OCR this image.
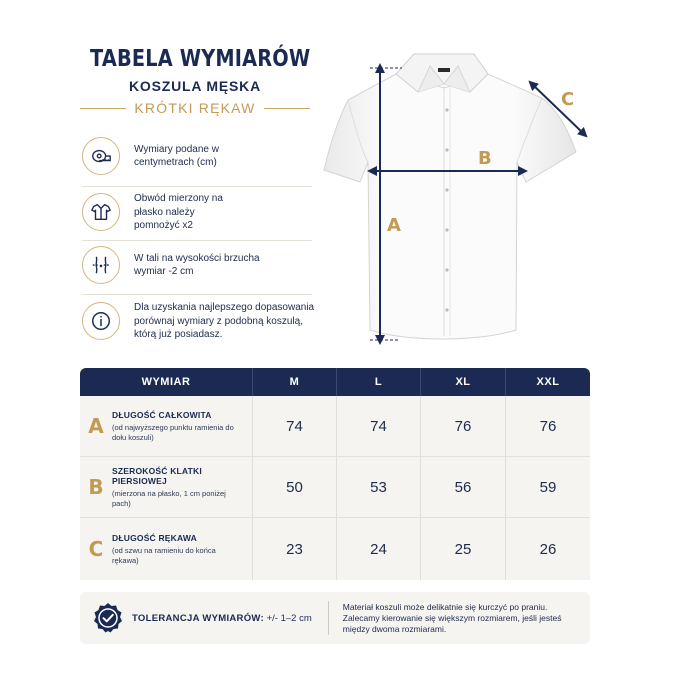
TABELA WYMIARÓW
KOSZULA MĘSKA
KRÓTKI RĘKAW
Wymiary podane w centymetrach (cm)
Obwód mierzony na płasko należy pomnożyć x2
W tali na wysokości brzucha wymiar -2 cm
Dla uzyskania najlepszego dopasowania porównaj wymiary z podobną koszulą, którą już posiadasz.
A
B
C
WYMIAR	M	L	XL	XXL
A DŁUGOŚĆ CAŁKOWITA
(od najwyższego punktu ramienia do dołu koszuli)
74	74	76	76
B
SZEROKOŚĆ KLATKI PIERSIOWEJ
(mierzona na płasko, 1 cm poniżej pach)
50	53	56	59
C	DŁUGOŚĆ RĘKAWA
(od szwu na ramieniu do końca rękawa)
23	24	25	26
TOLERANCJA WYMIARÓW: +/- 1–2 cm
Materiał koszuli może delikatnie się kurczyć po praniu. Zalecamy kierowanie się większym rozmiarem, jeśli jesteś między dwoma rozmiarami.
